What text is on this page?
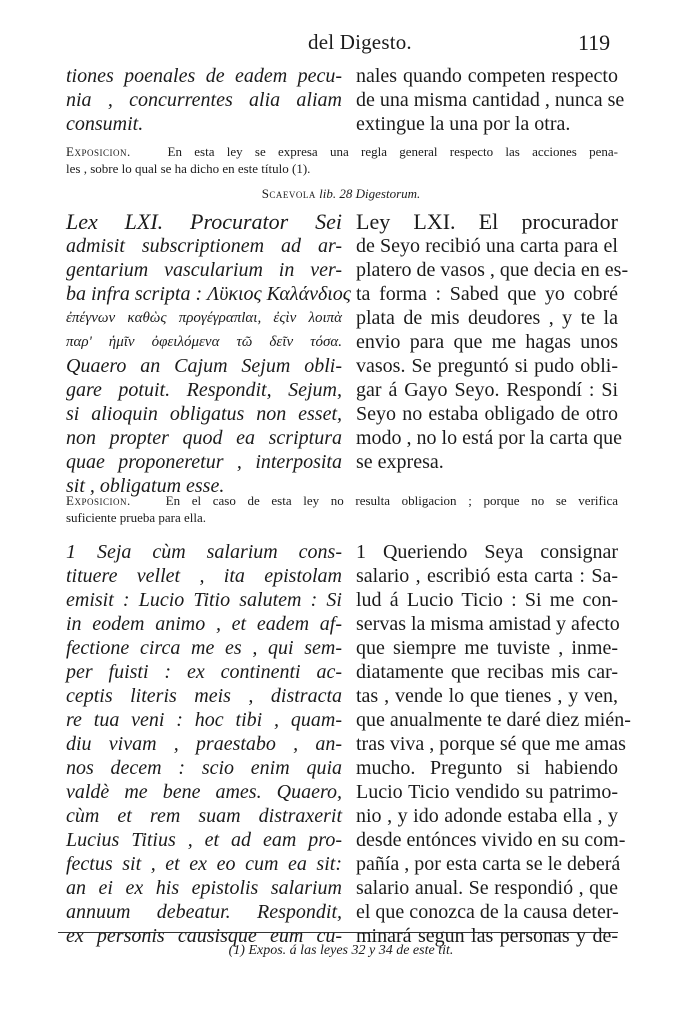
del Digesto.	119
tiones poenales de eadem pecu-
nia , concurrentes alia aliam
consumit.
nales quando competen respecto
de una misma cantidad , nunca se
extingue la una por la otra.
Exposicion.	En esta ley se expresa una regla general respecto las acciones pena-
les , sobre lo qual se ha dicho en este título (1).
Scaevola lib. 28 Digestorum.
Lex LXI. Procurator Sei
admisit subscriptionem ad ar-
gentarium vascularium in ver-
ba infra scripta : Λϋκιος Καλάνδιος
ἐπέγνων καθὼς προγέγραπlαι, ἐςὶν λοιπὰ
παρ' ἡμῖν ὀφειλόμενα τῶ δεῖν τόσα.
Quaero an Cajum Sejum obli-
gare potuit. Respondit, Sejum,
si alioquin obligatus non esset,
non propter quod ea scriptura
quae proponeretur , interposita
sit , obligatum esse.
Ley LXI. El procurador
de Seyo recibió una carta para el
platero de vasos , que decia en es-
ta forma : Sabed que yo cobré
plata de mis deudores , y te la
envio para que me hagas unos
vasos. Se preguntó si pudo obli-
gar á Gayo Seyo. Respondí : Si
Seyo no estaba obligado de otro
modo , no lo está por la carta que
se expresa.
Exposicion.	En el caso de esta ley no resulta obligacion ; porque no se verifica
suficiente prueba para ella.
1 Seja cùm salarium cons-
tituere vellet , ita epistolam
emisit : Lucio Titio salutem : Si
in eodem animo , et eadem af-
fectione circa me es , qui sem-
per fuisti : ex continenti ac-
ceptis literis meis , distracta
re tua veni : hoc tibi , quam-
diu vivam , praestabo , an-
nos decem : scio enim quia
valdè me bene ames. Quaero,
cùm et rem suam distraxerit
Lucius Titius , et ad eam pro-
fectus sit , et ex eo cum ea sit:
an ei ex his epistolis salarium
annuum debeatur. Respondit,
ex personis causisque eum cu-
1 Queriendo Seya consignar
salario , escribió esta carta : Sa-
lud á Lucio Ticio : Si me con-
servas la misma amistad y afecto
que siempre me tuviste , inme-
diatamente que recibas mis car-
tas , vende lo que tienes , y ven,
que anualmente te daré diez mién-
tras viva , porque sé que me amas
mucho. Pregunto si habiendo
Lucio Ticio vendido su patrimo-
nio , y ido adonde estaba ella , y
desde entónces vivido en su com-
pañía , por esta carta se le deberá
salario anual. Se respondió , que
el que conozca de la causa deter-
minará segun las personas y de-
(1) Expos. á las leyes 32 y 34 de este tit.
